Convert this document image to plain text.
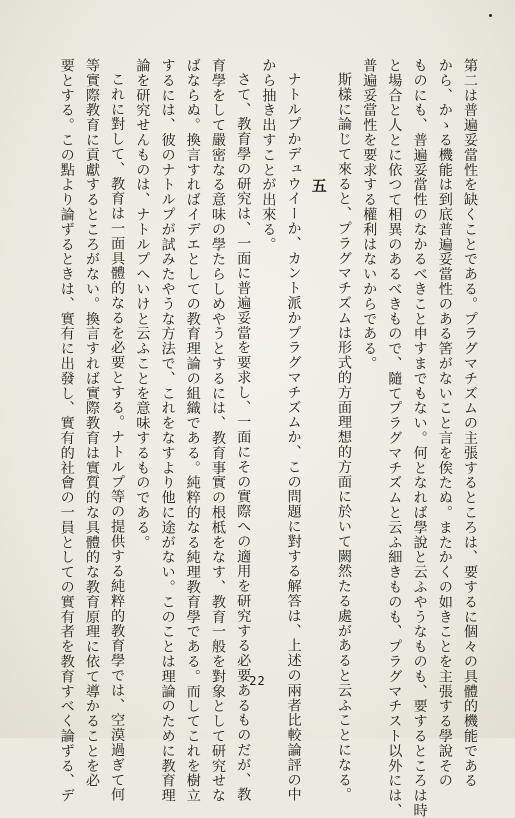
第二は普遍妥當性を缺くことである。プラグマチズムの主張するところは、要するに個々の具體的機能である
から、かゝる機能は到底普遍妥當性のある筈がないこと言を俟たぬ。またかくの如きことを主張する學說その
ものにも、普遍妥當性のなかるべきこと申すまでもない。何となれば學說と云ふやうなものも、要するところは時
と場合と人とに依つて相異のあるべきもので、隨てプラグマチズムと云ふ細きものも、プラグマチスト以外には、
普遍妥當性を要求する權利はないからである。
斯樣に論じて來ると、プラグマチズムは形式的方面理想的方面に於いて闕然たる處があると云ふことになる。
五
ナトルプかデュウイーか、カント派かプラグマチズムか、この問題に對する解答は、上述の兩者比較論評の中
から抽き出すことが出來る。
さて、教育學の研究は、一面に普遍妥當を要求し、一面にその實際への適用を研究する必要あるものだが、教
育學をして嚴密なる意味の學たらしめやうとするには、教育事實の根柢をなす、教育一般を對象として研究せな
ばならぬ。換言すればイデエとしての教育理論の組織である。純粹的なる純理教育學である。而してこれを樹立
するには、彼のナトルプが試みたやうな方法で、これをなすより他に途がない。このことは理論のために教育理
論を研究せんものは、ナトルプへいけと云ふことを意味するものである。
これに對して、教育は一面具體的なるを必要とする。ナトルプ等の提供する純粹的教育學では、空漠過ぎて何
等實際教育に貢獻するところがない。換言すれば實際教育は實質的な具體的な教育原理に依て導かることを必
要とする。この點より論ずるときは、實有に出發し、實有的社會の一員としての實有者を教育すべく論ずる、デ	22
